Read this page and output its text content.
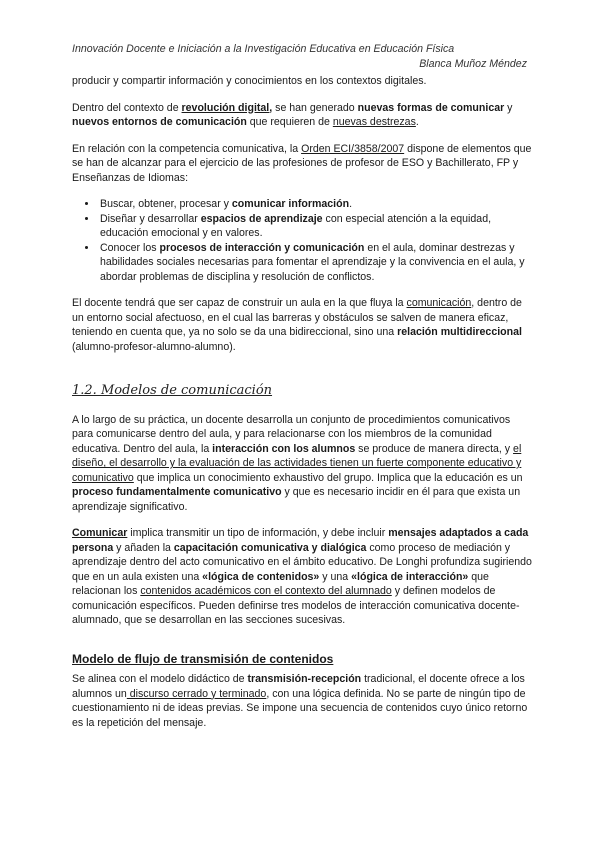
Innovación Docente e Iniciación a la Investigación Educativa en Educación Física
Blanca Muñoz Méndez

producir y compartir información y conocimientos en los contextos digitales.

Dentro del contexto de revolución digital, se han generado nuevas formas de comunicar y nuevos entornos de comunicación que requieren de nuevas destrezas.

En relación con la competencia comunicativa, la Orden ECI/3858/2007 dispone de elementos que se han de alcanzar para el ejercicio de las profesiones de profesor de ESO y Bachillerato, FP y Enseñanzas de Idiomas:

• Buscar, obtener, procesar y comunicar información.
• Diseñar y desarrollar espacios de aprendizaje con especial atención a la equidad, educación emocional y en valores.
• Conocer los procesos de interacción y comunicación en el aula, dominar destrezas y habilidades sociales necesarias para fomentar el aprendizaje y la convivencia en el aula, y abordar problemas de disciplina y resolución de conflictos.

El docente tendrá que ser capaz de construir un aula en la que fluya la comunicación, dentro de un entorno social afectuoso, en el cual las barreras y obstáculos se salven de manera eficaz, teniendo en cuenta que, ya no solo se da una bidireccional, sino una relación multidireccional (alumno-profesor-alumno-alumno).

1.2. Modelos de comunicación

A lo largo de su práctica, un docente desarrolla un conjunto de procedimientos comunicativos para comunicarse dentro del aula, y para relacionarse con los miembros de la comunidad educativa. Dentro del aula, la interacción con los alumnos se produce de manera directa, y el diseño, el desarrollo y la evaluación de las actividades tienen un fuerte componente educativo y comunicativo que implica un conocimiento exhaustivo del grupo. Implica que la educación es un proceso fundamentalmente comunicativo y que es necesario incidir en él para que exista un aprendizaje significativo.

Comunicar implica transmitir un tipo de información, y debe incluir mensajes adaptados a cada persona y añaden la capacitación comunicativa y dialógica como proceso de mediación y aprendizaje dentro del acto comunicativo en el ámbito educativo. De Longhi profundiza sugiriendo que en un aula existen una «lógica de contenidos» y una «lógica de interacción» que relacionan los contenidos académicos con el contexto del alumnado y definen modelos de comunicación específicos. Pueden definirse tres modelos de interacción comunicativa docente-alumnado, que se desarrollan en las secciones sucesivas.

Modelo de flujo de transmisión de contenidos

Se alinea con el modelo didáctico de transmisión-recepción tradicional, el docente ofrece a los alumnos un discurso cerrado y terminado, con una lógica definida. No se parte de ningún tipo de cuestionamiento ni de ideas previas. Se impone una secuencia de contenidos cuyo único retorno es la repetición del mensaje.
